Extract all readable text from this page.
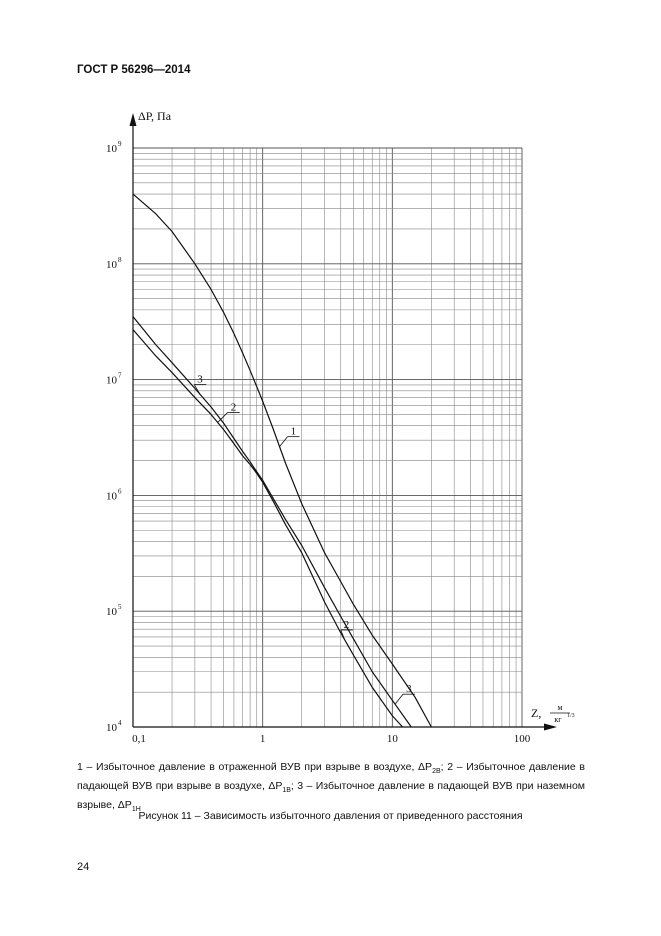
ГОСТ Р 56296—2014
0,1	1	10	100
10 4
10 5
10 6
10 7
10 8
10 9
ΔP, Па
Z, м
кг 1/3
1
2
3
2
3
1 – Избыточное давление в отраженной ВУВ при взрыве в воздухе, $\Delta P_{2В}$; 2 – Избыточное давление в падающей ВУВ при взрыве в воздухе, $\Delta P_{1В}$; 3 – Избыточное давление в падающей ВУВ при наземном взрыве, $\Delta P_{1Н}$
Рисунок 11 – Зависимость избыточного давления от приведенного расстояния
24
